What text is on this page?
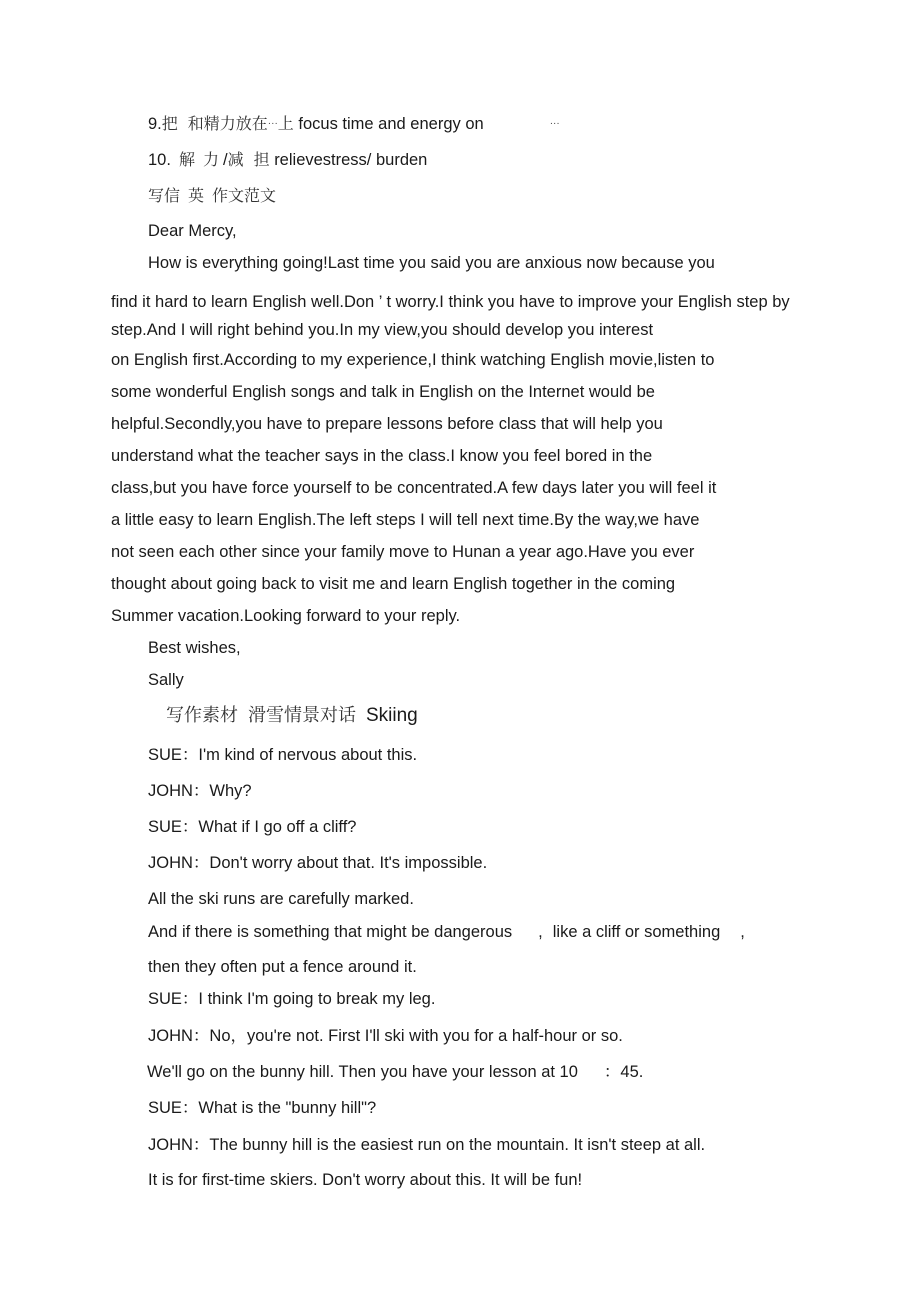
9.把 和精力放在···上 focus time and energy on	···
10. 解 力 /减 担 relievestress/ burden
写信 英 作文范文
Dear Mercy,
How is everything going!Last time you said you are anxious now because you
find it hard to learn English well.Don ’ t worry.I think you have to improve your English step by
step.And I will right behind you.In my view,you should develop you interest
on English first.According to my experience,I think watching English movie,listen to
some wonderful English songs and talk in English on the Internet would be
helpful.Secondly,you have to prepare lessons before class that will help you
understand what the teacher says in the class.I know you feel bored in the
class,but you have force yourself to be concentrated.A few days later you will feel it
a little easy to learn English.The left steps I will tell next time.By the way,we have
not seen each other since your family move to Hunan a year ago.Have you ever
thought about going back to visit me and learn English together in the coming
Summer vacation.Looking forward to your reply.
Best wishes,
Sally
写作素材 滑雪情景对话 Skiing
SUE：I'm kind of nervous about this.
JOHN：Why?
SUE：What if I go off a cliff?
JOHN：Don't worry about that. It's impossible.
All the ski runs are carefully marked.
And if there is something that might be dangerous , like a cliff or something ,
then they often put a fence around it.
SUE：I think I'm going to break my leg.
JOHN：No，you're not. First I'll ski with you for a half-hour or so.
We'll go on the bunny hill. Then you have your lesson at 10 ：45.
SUE：What is the "bunny hill"?
JOHN：The bunny hill is the easiest run on the mountain. It isn't steep at all.
It is for first-time skiers. Don't worry about this. It will be fun!
